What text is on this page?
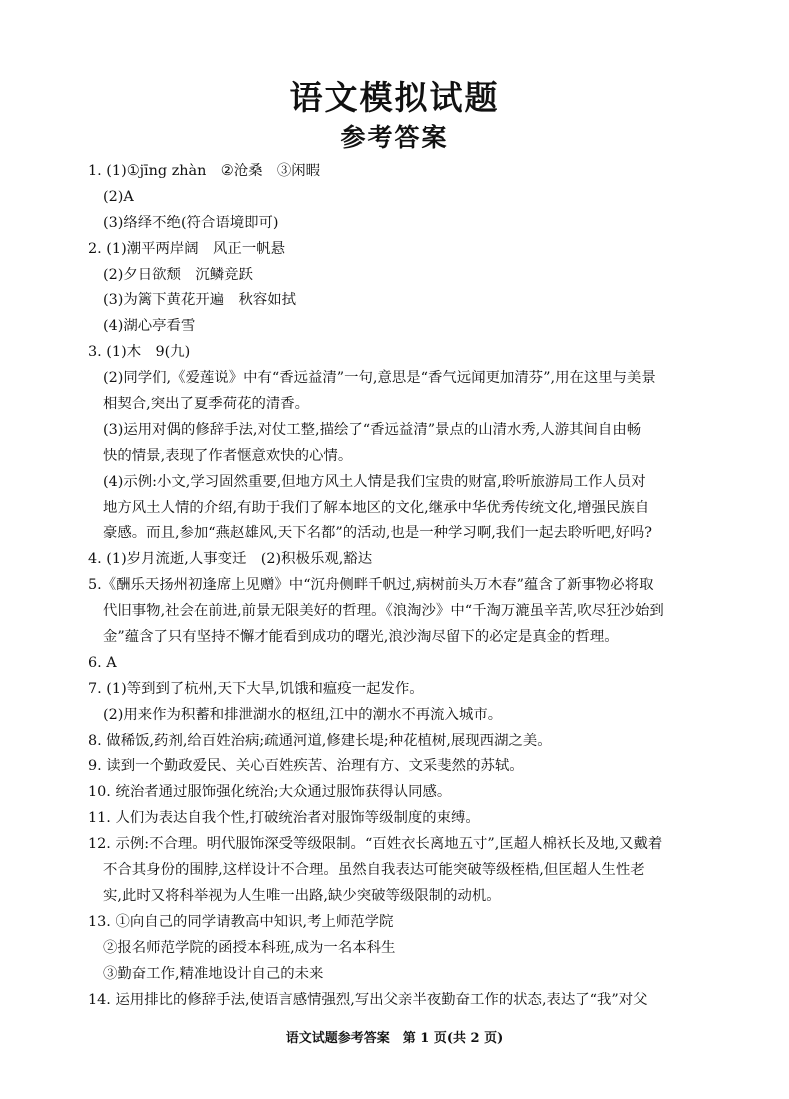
语文模拟试题
参考答案
1. (1)①jīng zhàn　②沧桑　③闲暇
(2)A
(3)络绎不绝(符合语境即可)
2. (1)潮平两岸阔　风正一帆悬
(2)夕日欲颓　沉鳞竞跃
(3)为篱下黄花开遍　秋容如拭
(4)湖心亭看雪
3. (1)木　9(九)
(2)同学们,《爱莲说》中有“香远益清”一句,意思是“香气远闻更加清芬”,用在这里与美景
相契合,突出了夏季荷花的清香。
(3)运用对偶的修辞手法,对仗工整,描绘了“香远益清”景点的山清水秀,人游其间自由畅
快的情景,表现了作者惬意欢快的心情。
(4)示例:小文,学习固然重要,但地方风土人情是我们宝贵的财富,聆听旅游局工作人员对
地方风土人情的介绍,有助于我们了解本地区的文化,继承中华优秀传统文化,增强民族自
豪感。而且,参加“燕赵雄风,天下名都”的活动,也是一种学习啊,我们一起去聆听吧,好吗?
4. (1)岁月流逝,人事变迁　(2)积极乐观,豁达
5.《酬乐天扬州初逢席上见赠》中“沉舟侧畔千帆过,病树前头万木春”蕴含了新事物必将取
代旧事物,社会在前进,前景无限美好的哲理。《浪淘沙》中“千淘万漉虽辛苦,吹尽狂沙始到
金”蕴含了只有坚持不懈才能看到成功的曙光,浪沙淘尽留下的必定是真金的哲理。
6. A
7. (1)等到到了杭州,天下大旱,饥饿和瘟疫一起发作。
(2)用来作为积蓄和排泄湖水的枢纽,江中的潮水不再流入城市。
8. 做稀饭,药剂,给百姓治病;疏通河道,修建长堤;种花植树,展现西湖之美。
9. 读到一个勤政爱民、关心百姓疾苦、治理有方、文采斐然的苏轼。
10. 统治者通过服饰强化统治;大众通过服饰获得认同感。
11. 人们为表达自我个性,打破统治者对服饰等级制度的束缚。
12. 示例:不合理。明代服饰深受等级限制。“百姓衣长离地五寸”,匡超人棉袄长及地,又戴着
不合其身份的围脖,这样设计不合理。虽然自我表达可能突破等级桎梏,但匡超人生性老
实,此时又将科举视为人生唯一出路,缺少突破等级限制的动机。
13. ①向自己的同学请教高中知识,考上师范学院
②报名师范学院的函授本科班,成为一名本科生
③勤奋工作,精准地设计自己的未来
14. 运用排比的修辞手法,使语言感情强烈,写出父亲半夜勤奋工作的状态,表达了“我”对父
语文试题参考答案　第 1 页(共 2 页)
